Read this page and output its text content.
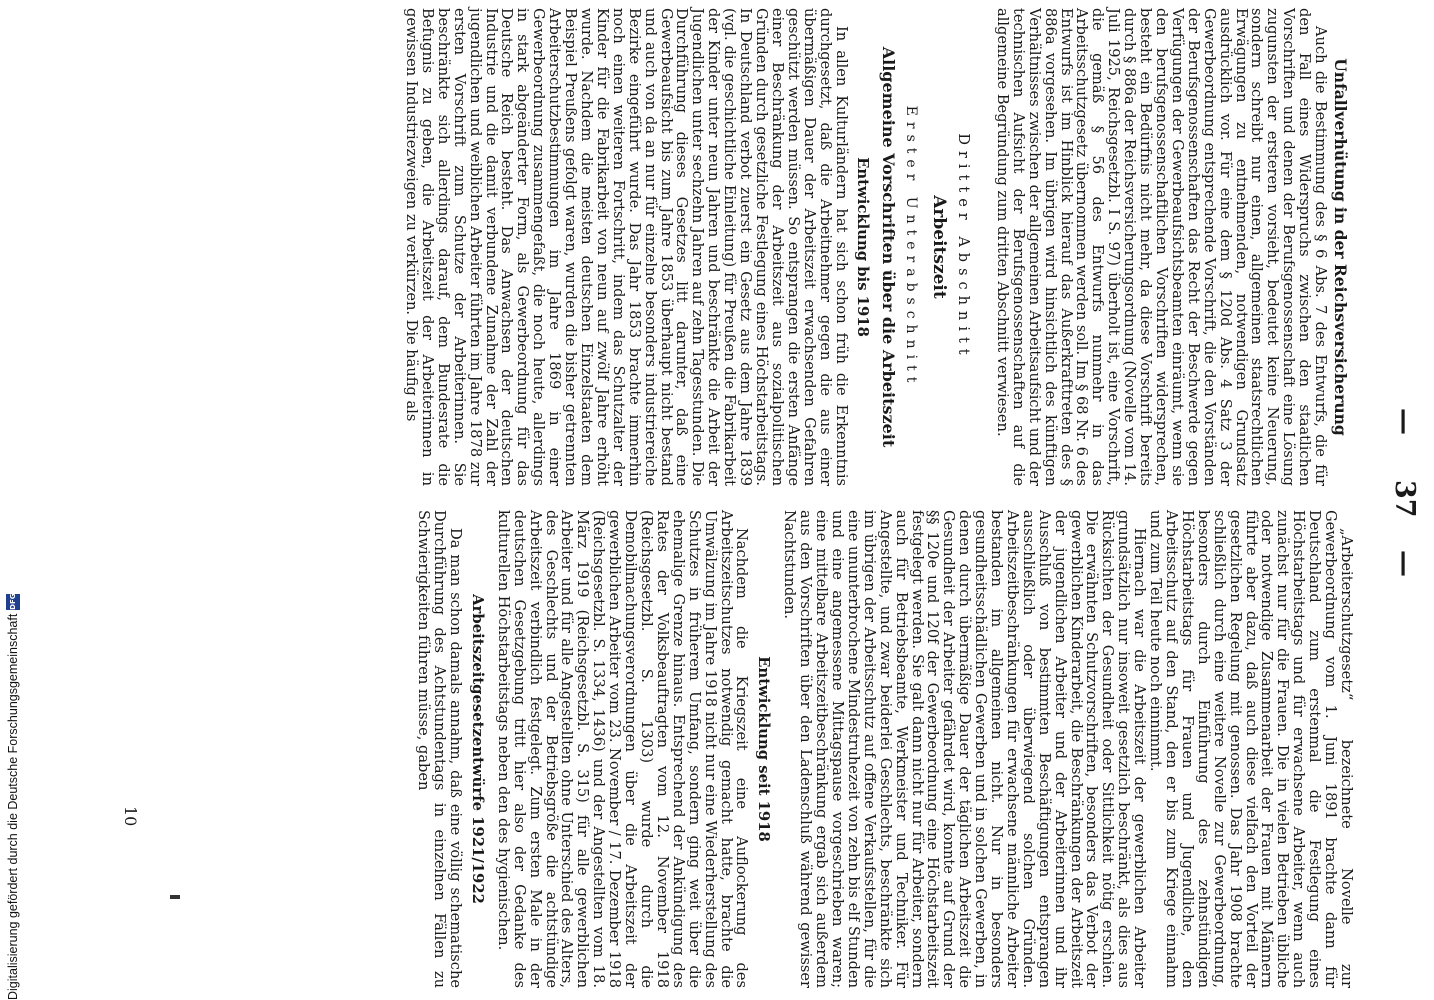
—
37
—
Unfallverhütung in der Reichsversicherung

Auch die Bestimmung des § 6 Abs. 7 des Entwurfs, die für den Fall eines Widerspruchs zwischen den staatlichen Vorschriften und denen der Berufsgenossenschaft eine Lösung zugunsten der ersteren vorsieht, bedeutet keine Neuerung, sondern schreibt nur einen, allgemeinen staatsrechtlichen Erwägungen zu entnehmenden, notwendigen Grundsatz ausdrücklich vor. Für eine dem § 120d Abs. 4 Satz 3 der Gewerbeordnung entsprechende Vorschrift, die den Vorständen der Berufsgenossenschaften das Recht der Beschwerde gegen Verfügungen der Gewerbeaufsichtsbeamten einräumt, wenn sie den berufsgenossenschaftlichen Vorschriften widersprechen, besteht ein Bedürfnis nicht mehr, da diese Vorschrift bereits durch § 886a der Reichsversicherungsordnung (Novelle vom 14. Juli 1925, Reichsgesetzbl. I S. 97) überholt ist, eine Vorschrift, die gemäß § 56 des Entwurfs nunmehr in das Arbeitsschutzgesetz übernommen werden soll. Im § 68 Nr. 6 des Entwurfs ist im Hinblick hierauf das Außerkrafttreten des § 886a vorgesehen. Im übrigen wird hinsichtlich des künftigen Verhältnisses zwischen der allgemeinen Arbeitsaufsicht und der technischen Aufsicht der Berufsgenossenschaften auf die allgemeine Begründung zum dritten Abschnitt verwiesen.

Dritter Abschnitt
Arbeitszeit
Erster Unterabschnitt
Allgemeine Vorschriften über die Arbeitszeit
Entwicklung bis 1918

In allen Kulturländern hat sich schon früh die Erkenntnis durchgesetzt, daß die Arbeitnehmer gegen die aus einer übermäßigen Dauer der Arbeitszeit erwachsenden Gefahren geschützt werden müssen. So entsprangen die ersten Anfänge einer Beschränkung der Arbeitszeit aus sozialpolitischen Gründen durch gesetzliche Festlegung eines Höchstarbeitstags. In Deutschland verbot zuerst ein Gesetz aus dem Jahre 1839 (vgl. die geschichtliche Einleitung) für Preußen die Fabrikarbeit der Kinder unter neun Jahren und beschränkte die Arbeit der Jugendlichen unter sechzehn Jahren auf zehn Tagesstunden. Die Durchführung dieses Gesetzes litt darunter, daß eine Gewerbeaufsicht bis zum Jahre 1853 überhaupt nicht bestand und auch von da an nur für einzelne besonders industriereiche Bezirke eingeführt wurde. Das Jahr 1853 brachte immerhin noch einen weiteren Fortschritt, indem das Schutzalter der Kinder für die Fabrikarbeit von neun auf zwölf Jahre erhöht wurde. Nachdem die meisten deutschen Einzelstaaten dem Beispiel Preußens gefolgt waren, wurden die bisher getrennten Arbeiterschutzbestimmungen im Jahre 1869 in einer Gewerbeordnung zusammengefaßt, die noch heute, allerdings in stark abgeänderter Form, als Gewerbeordnung für das Deutsche Reich besteht. Das Anwachsen der deutschen Industrie und die damit verbundene Zunahme der Zahl der jugendlichen und weiblichen Arbeiter führten im Jahre 1878 zur ersten Vorschrift zum Schutze der Arbeiterinnen. Sie beschränkte sich allerdings darauf, dem Bundesrate die Befugnis zu geben, die Arbeitszeit der Arbeiterinnen in gewissen Industriezweigen zu verkürzen. Die häufig als

„Arbeiterschutzgesetz“ bezeichnete Novelle zur Gewerbeordnung vom 1. Juni 1891 brachte dann für Deutschland zum erstenmal die Festlegung eines Höchstarbeitstags und für erwachsene Arbeiter, wenn auch zunächst nur für die Frauen. Die in vielen Betrieben übliche oder notwendige Zusammenarbeit der Frauen mit Männern führte aber dazu, daß auch diese vielfach den Vorteil der gesetzlichen Regelung mit genossen. Das Jahr 1908 brachte schließlich durch eine weitere Novelle zur Gewerbeordnung, besonders durch Einführung des zehnstündigen Höchstarbeitstags für Frauen und Jugendliche, den Arbeitsschutz auf den Stand, den er bis zum Kriege einnahm und zum Teil heute noch einnimmt.

Hiernach war die Arbeitszeit der gewerblichen Arbeiter grundsätzlich nur insoweit gesetzlich beschränkt, als dies aus Rücksichten der Gesundheit oder Sittlichkeit nötig erschien. Die erwähnten Schutzvorschriften, besonders das Verbot der gewerblichen Kinderarbeit, die Beschränkungen der Arbeitszeit der jugendlichen Arbeiter und der Arbeiterinnen und ihr Ausschluß von bestimmten Beschäftigungen entsprangen ausschließlich oder überwiegend solchen Gründen. Arbeitszeitbeschränkungen für erwachsene männliche Arbeiter bestanden im allgemeinen nicht. Nur in besonders gesundheitsschädlichen Gewerben und in solchen Gewerben, in denen durch übermäßige Dauer der täglichen Arbeitszeit die Gesundheit der Arbeiter gefährdet wird, konnte auf Grund der §§ 120e und 120f der Gewerbeordnung eine Höchstarbeitszeit festgelegt werden. Sie galt dann nicht nur für Arbeiter, sondern auch für Betriebsbeamte, Werkmeister und Techniker. Für Angestellte, und zwar beiderlei Geschlechts, beschränkte sich im übrigen der Arbeitsschutz auf offene Verkaufsstellen, für die eine ununterbrochene Mindestruhezeit von zehn bis elf Stunden und eine angemessene Mittagspause vorgeschrieben waren; eine mittelbare Arbeitszeitbeschränkung ergab sich außerdem aus den Vorschriften über den Ladenschluß während gewisser Nachtstunden.

Entwicklung seit 1918

Nachdem die Kriegszeit eine Auflockerung des Arbeitszeitschutzes notwendig gemacht hatte, brachte die Umwälzung im Jahre 1918 nicht nur eine Wiederherstellung des Schutzes in früherem Umfang, sondern ging weit über die ehemalige Grenze hinaus. Entsprechend der Ankündigung des Rates der Volksbeauftragten vom 12. November 1918 (Reichsgesetzbl. S. 1303) wurde durch die Demobilmachungsverordnungen über die Arbeitszeit der gewerblichen Arbeiter vom 23. November / 17. Dezember 1918 (Reichsgesetzbl. S. 1334, 1436) und der Angestellten vom 18. März 1919 (Reichsgesetzbl. S. 315) für alle gewerblichen Arbeiter und für alle Angestellten ohne Unterschied des Alters, des Geschlechts und der Betriebsgröße die achtstündige Arbeitszeit verbindlich festgelegt. Zum ersten Male in der deutschen Gesetzgebung tritt hier also der Gedanke des kulturellen Höchstarbeitstags neben den des hygienischen.

Arbeitszeitgesetzentwürfe 1921/1922

Da man schon damals annahm, daß eine völlig schematische Durchführung des Achtstundentags in einzelnen Fällen zu Schwierigkeiten führen müsse, gaben

10
Digitalisierung gefördert durch die Deutsche Forschungsgemeinschaft
DFG
